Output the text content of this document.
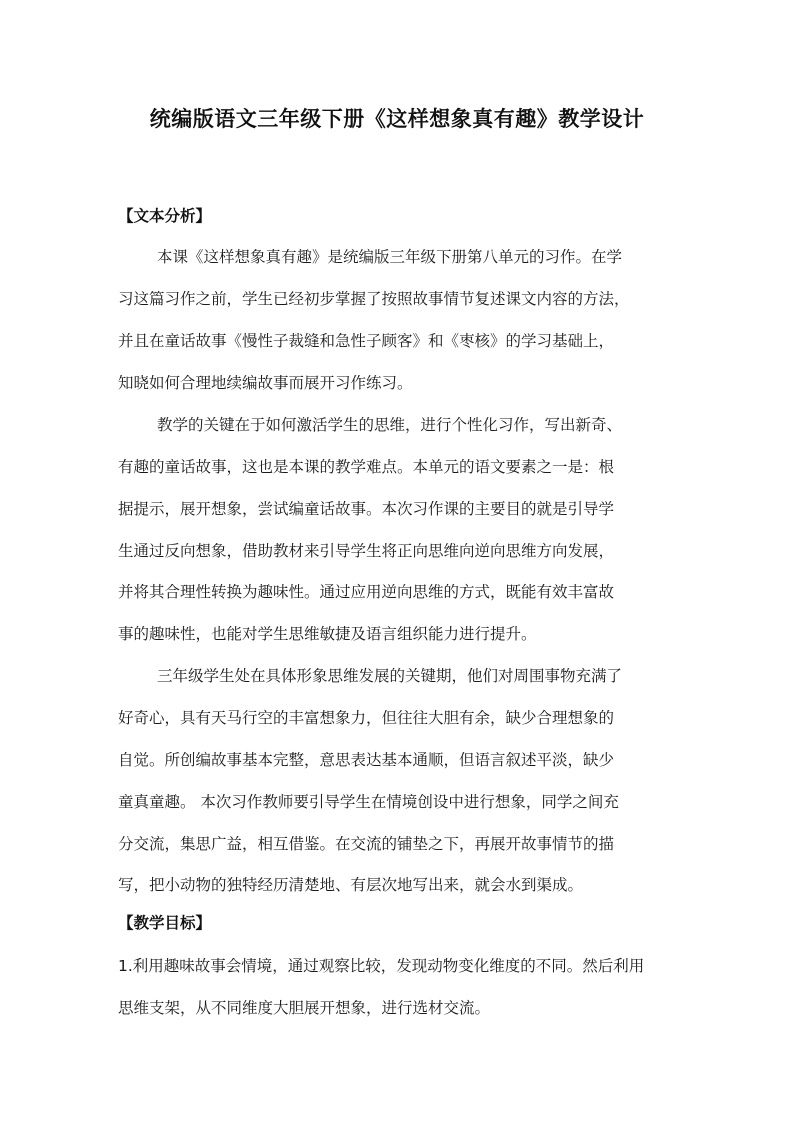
统编版语文三年级下册《这样想象真有趣》教学设计
【文本分析】
本课《这样想象真有趣》是统编版三年级下册第八单元的习作。在学
习这篇习作之前，学生已经初步掌握了按照故事情节复述课文内容的方法，
并且在童话故事《慢性子裁缝和急性子顾客》和《枣核》的学习基础上，
知晓如何合理地续编故事而展开习作练习。
教学的关键在于如何激活学生的思维，进行个性化习作，写出新奇、
有趣的童话故事，这也是本课的教学难点。本单元的语文要素之一是：根
据提示，展开想象，尝试编童话故事。本次习作课的主要目的就是引导学
生通过反向想象，借助教材来引导学生将正向思维向逆向思维方向发展，
并将其合理性转换为趣味性。通过应用逆向思维的方式，既能有效丰富故
事的趣味性，也能对学生思维敏捷及语言组织能力进行提升。
三年级学生处在具体形象思维发展的关键期，他们对周围事物充满了
好奇心，具有天马行空的丰富想象力，但往往大胆有余，缺少合理想象的
自觉。所创编故事基本完整，意思表达基本通顺，但语言叙述平淡，缺少
童真童趣。 本次习作教师要引导学生在情境创设中进行想象，同学之间充
分交流，集思广益，相互借鉴。在交流的铺垫之下，再展开故事情节的描
写，把小动物的独特经历清楚地、有层次地写出来，就会水到渠成。
【教学目标】
1.利用趣味故事会情境，通过观察比较，发现动物变化维度的不同。然后利用
思维支架，从不同维度大胆展开想象，进行选材交流。
